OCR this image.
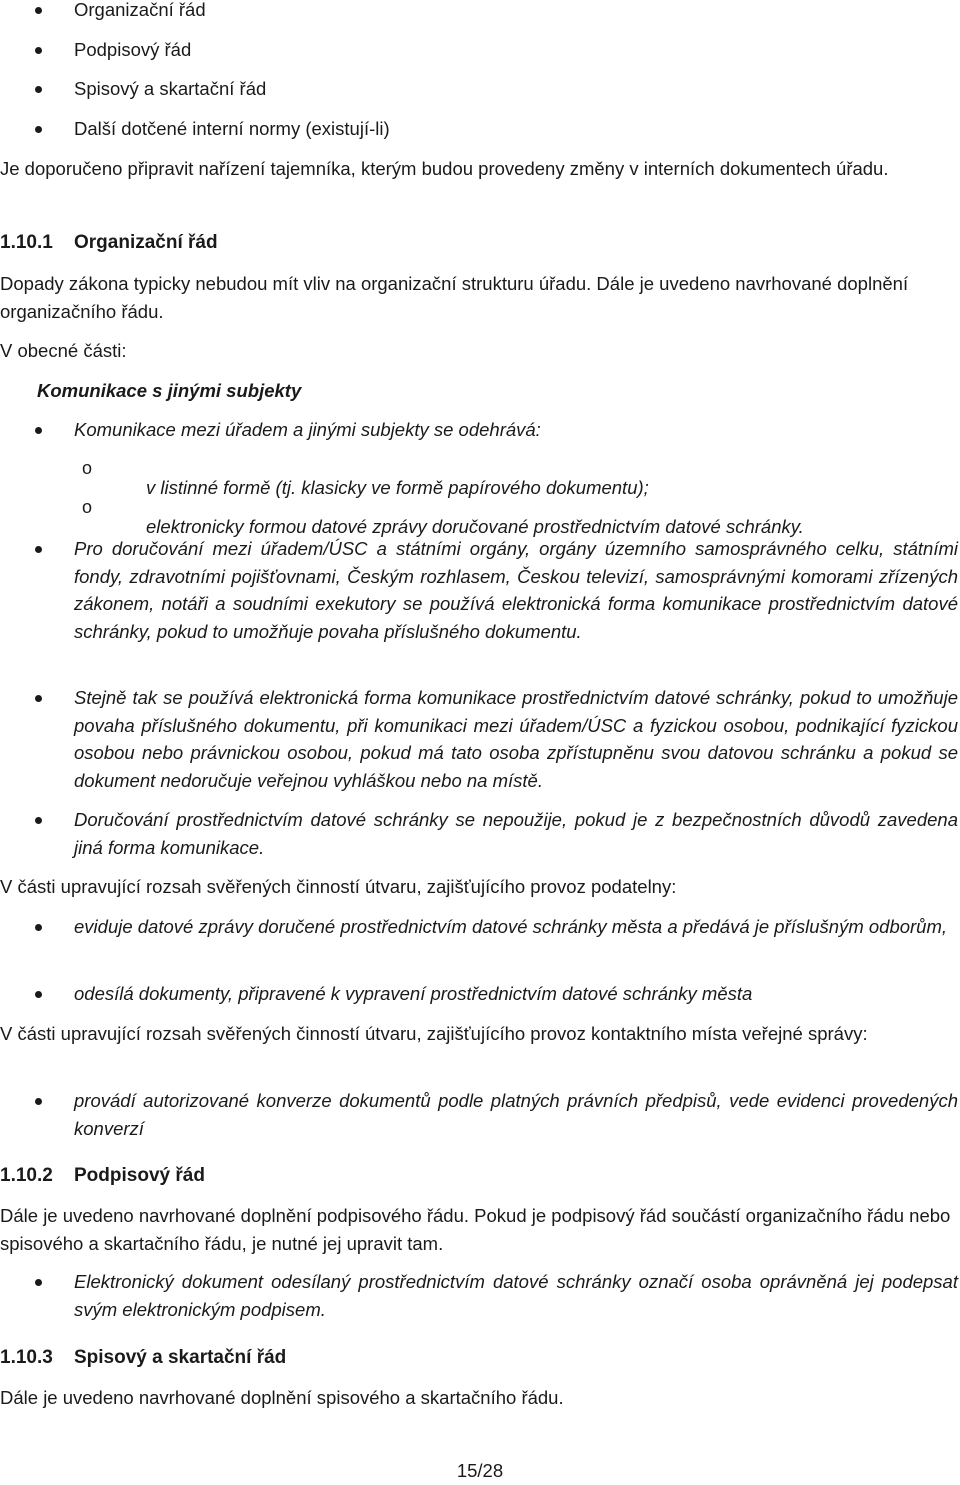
Organizační řád

Podpisový řád

Spisový a skartační řád

Další dotčené interní normy (existují-li)

Je doporučeno připravit nařízení tajemníka, kterým budou provedeny změny v interních dokumentech úřadu.

1.10.1 Organizační řád

Dopady zákona typicky nebudou mít vliv na organizační strukturu úřadu. Dále je uvedeno navrhované doplnění organizačního řádu.

V obecné části:

Komunikace s jinými subjekty

Komunikace mezi úřadem a jinými subjekty se odehrává:

o

v listinné formě (tj. klasicky ve formě papírového dokumentu);

o

elektronicky formou datové zprávy doručované prostřednictvím datové schránky.

Pro doručování mezi úřadem/ÚSC a státními orgány, orgány územního samosprávného celku, státními fondy, zdravotními pojišťovnami, Českým rozhlasem, Českou televizí, samosprávnými komorami zřízených zákonem, notáři a soudními exekutory se používá elektronická forma komunikace prostřednictvím datové schránky, pokud to umožňuje povaha příslušného dokumentu.

Stejně tak se používá elektronická forma komunikace prostřednictvím datové schránky, pokud to umožňuje povaha příslušného dokumentu, při komunikaci mezi úřadem/ÚSC a fyzickou osobou, podnikající fyzickou osobou nebo právnickou osobou, pokud má tato osoba zpřístupněnu svou datovou schránku a pokud se dokument nedoručuje veřejnou vyhláškou nebo na místě.

Doručování prostřednictvím datové schránky se nepoužije, pokud je z bezpečnostních důvodů zavedena jiná forma komunikace.

V části upravující rozsah svěřených činností útvaru, zajišťujícího provoz podatelny:

eviduje datové zprávy doručené prostřednictvím datové schránky města a předává je příslušným odborům,

odesílá dokumenty, připravené k vypravení prostřednictvím datové schránky města

V části upravující rozsah svěřených činností útvaru, zajišťujícího provoz kontaktního místa veřejné správy:

provádí autorizované konverze dokumentů podle platných právních předpisů, vede evidenci provedených konverzí

1.10.2 Podpisový řád

Dále je uvedeno navrhované doplnění podpisového řádu. Pokud je podpisový řád součástí organizačního řádu nebo spisového a skartačního řádu, je nutné jej upravit tam.

Elektronický dokument odesílaný prostřednictvím datové schránky označí osoba oprávněná jej podepsat svým elektronickým podpisem.

1.10.3 Spisový a skartační řád

Dále je uvedeno navrhované doplnění spisového a skartačního řádu.

15/28
